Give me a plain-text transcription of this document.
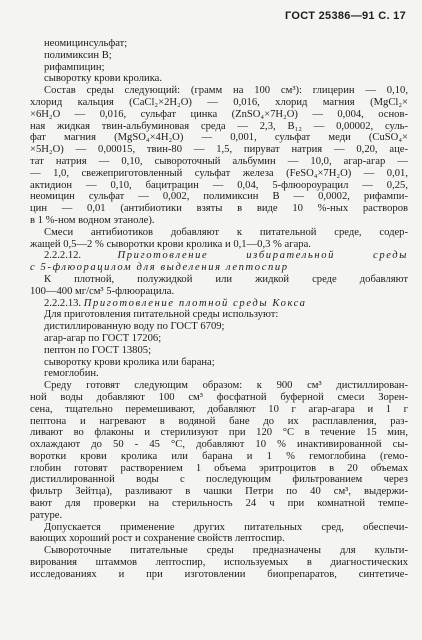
ГОСТ 25386—91 С. 17
неомицинсульфат;
полимиксин В;
рифампицин;
сыворотку крови кролика.
Состав среды следующий: (грамм на 100 см³): глицерин — 0,10,
хлорид кальция (CaCl₂×2H₂O) — 0,016, хлорид магния (MgCl₂×
×6H₂O — 0,016, сульфат цинка (ZnSO₄×7H₂O) — 0,004, основ-
ная жидкая твин-альбуминовая среда — 2,3, B₁₂ — 0,00002, суль-
фат магния (MgSO₄×4H₂O) — 0,001, сульфат меди (CuSO₄×
×5H₂O) — 0,00015, твин-80 — 1,5, пируват натрия — 0,20, аце-
тат натрия — 0,10, сывороточный альбумин — 10,0, агар-агар —
— 1,0, свежеприготовленный сульфат железа (FeSO₄×7H₂O) — 0,01,
актидион — 0,10, бацитрацин — 0,04, 5-флюороурацил — 0,25,
неомицин сульфат — 0,002, полимиксин В — 0,0002, рифампи-
цин — 0,01 (антибиотики взяты в виде 10 %-ных растворов
в 1 %-ном водном этаноле).
Смеси антибиотиков добавляют к питательной среде, содер-
жащей 0,5—2 % сыворотки крови кролика и 0,1—0,3 % агара.
2.2.2.12.	Приготовление избирательной среды
с 5-флюорацилом для выделения лептоспир
К плотной, полужидкой или жидкой среде добавляют
100—400 мг/см³ 5-флюорацила.
2.2.2.13. Приготовление плотной среды Кокса
Для приготовления питательной среды используют:
дистиллированную воду по ГОСТ 6709;
агар-агар по ГОСТ 17206;
пептон по ГОСТ 13805;
сыворотку крови кролика или барана;
гемоглобин.
Среду готовят следующим образом: к 900 см³ дистиллирован-
ной воды добавляют 100 см³ фосфатной буферной смеси Зорен-
сена, тщательно перемешивают, добавляют 10 г агар-агара и 1 г
пептона и нагревают в водяной бане до их расплавления, раз-
ливают во флаконы и стерилизуют при 120 °С в течение 15 мин,
охлаждают до 50 - 45 °С, добавляют 10 % инактивированной сы-
воротки крови кролика или барана и 1 % гемоглобина (гемо-
глобин готовят растворением 1 объема эритроцитов в 20 объемах
дистиллированной воды с последующим фильтрованием через
фильтр Зейтца), разливают в чашки Петри по 40 см³, выдержи-
вают для проверки на стерильность 24 ч при комнатной темпе-
ратуре.
Допускается применение других питательных сред, обеспечи-
вающих хороший рост и сохранение свойств лептоспир.
Сывороточные питательные среды предназначены для культи-
вирования штаммов лептоспир, используемых в диагностических
исследованиях и при изготовлении биопрепаратов, синтетиче-
